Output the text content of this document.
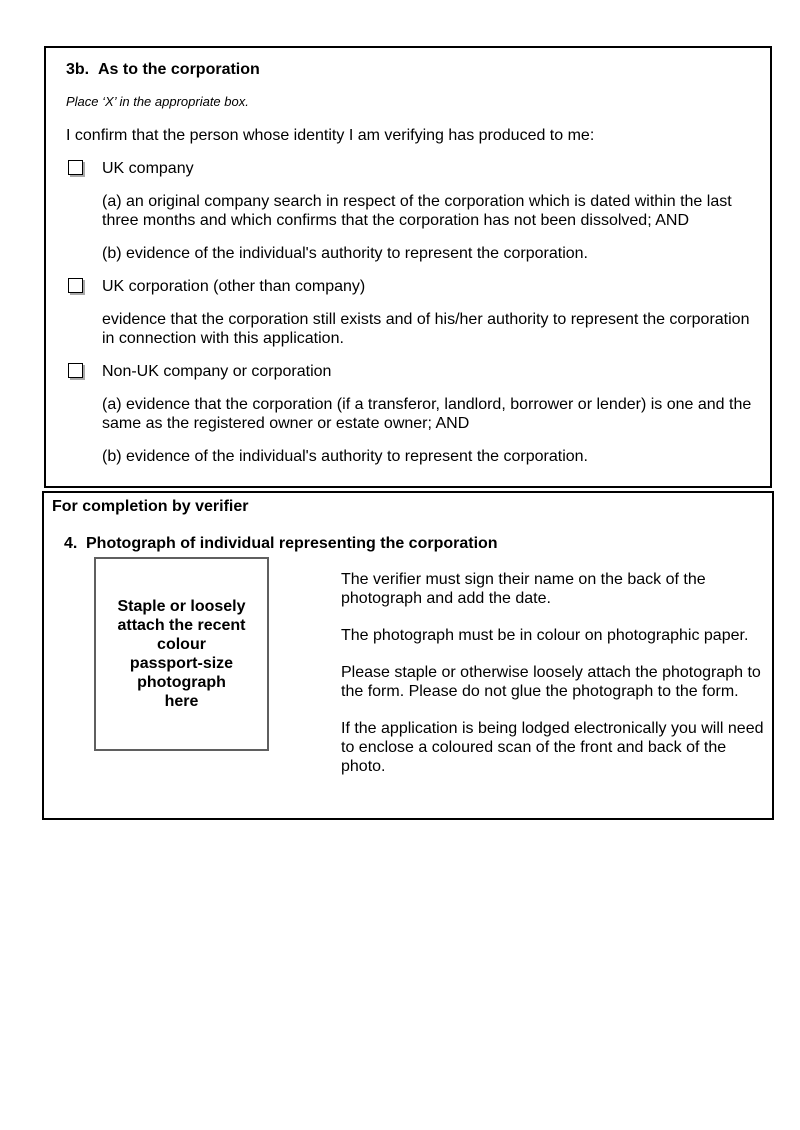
3b. As to the corporation
Place ‘X’ in the appropriate box.
I confirm that the person whose identity I am verifying has produced to me:
UK company
(a) an original company search in respect of the corporation which is dated within the last three months and which confirms that the corporation has not been dissolved; AND
(b) evidence of the individual's authority to represent the corporation.
UK corporation (other than company)
evidence that the corporation still exists and of his/her authority to represent the corporation in connection with this application.
Non-UK company or corporation
(a) evidence that the corporation (if a transferor, landlord, borrower or lender) is one and the same as the registered owner or estate owner; AND
(b) evidence of the individual's authority to represent the corporation.
For completion by verifier
4. Photograph of individual representing the corporation
Staple or loosely
attach the recent
colour
passport-size
photograph
here

The verifier must sign their name on the back of the photograph and add the date.

The photograph must be in colour on photographic paper.

Please staple or otherwise loosely attach the photograph to the form. Please do not glue the photograph to the form.

If the application is being lodged electronically you will need to enclose a coloured scan of the front and back of the photo.
